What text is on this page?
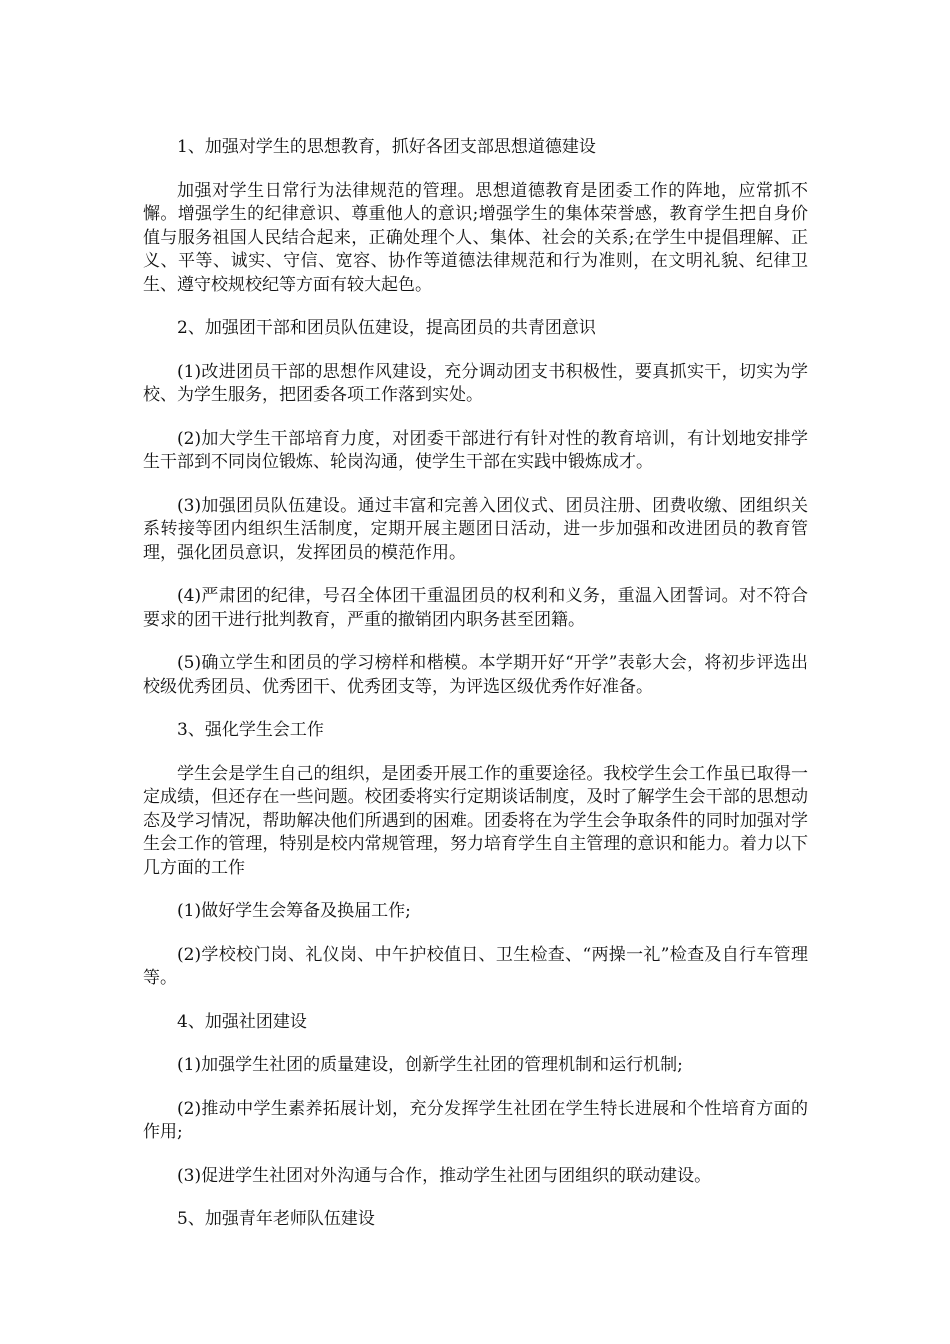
1、加强对学生的思想教育，抓好各团支部思想道德建设

加强对学生日常行为法律规范的管理。思想道德教育是团委工作的阵地，应常抓不懈。增强学生的纪律意识、尊重他人的意识;增强学生的集体荣誉感，教育学生把自身价值与服务祖国人民结合起来，正确处理个人、集体、社会的关系;在学生中提倡理解、正义、平等、诚实、守信、宽容、协作等道德法律规范和行为准则，在文明礼貌、纪律卫生、遵守校规校纪等方面有较大起色。

2、加强团干部和团员队伍建设，提高团员的共青团意识

(1)改进团员干部的思想作风建设，充分调动团支书积极性，要真抓实干，切实为学校、为学生服务，把团委各项工作落到实处。

(2)加大学生干部培育力度，对团委干部进行有针对性的教育培训，有计划地安排学生干部到不同岗位锻炼、轮岗沟通，使学生干部在实践中锻炼成才。

(3)加强团员队伍建设。通过丰富和完善入团仪式、团员注册、团费收缴、团组织关系转接等团内组织生活制度，定期开展主题团日活动，进一步加强和改进团员的教育管理，强化团员意识，发挥团员的模范作用。

(4)严肃团的纪律，号召全体团干重温团员的权利和义务，重温入团誓词。对不符合要求的团干进行批判教育，严重的撤销团内职务甚至团籍。

(5)确立学生和团员的学习榜样和楷模。本学期开好“开学”表彰大会，将初步评选出校级优秀团员、优秀团干、优秀团支等，为评选区级优秀作好准备。

3、强化学生会工作

学生会是学生自己的组织，是团委开展工作的重要途径。我校学生会工作虽已取得一定成绩，但还存在一些问题。校团委将实行定期谈话制度，及时了解学生会干部的思想动态及学习情况，帮助解决他们所遇到的困难。团委将在为学生会争取条件的同时加强对学生会工作的管理，特别是校内常规管理，努力培育学生自主管理的意识和能力。着力以下几方面的工作

(1)做好学生会筹备及换届工作;

(2)学校校门岗、礼仪岗、中午护校值日、卫生检查、“两操一礼”检查及自行车管理等。

4、加强社团建设

(1)加强学生社团的质量建设，创新学生社团的管理机制和运行机制;

(2)推动中学生素养拓展计划，充分发挥学生社团在学生特长进展和个性培育方面的作用;

(3)促进学生社团对外沟通与合作，推动学生社团与团组织的联动建设。

5、加强青年老师队伍建设
